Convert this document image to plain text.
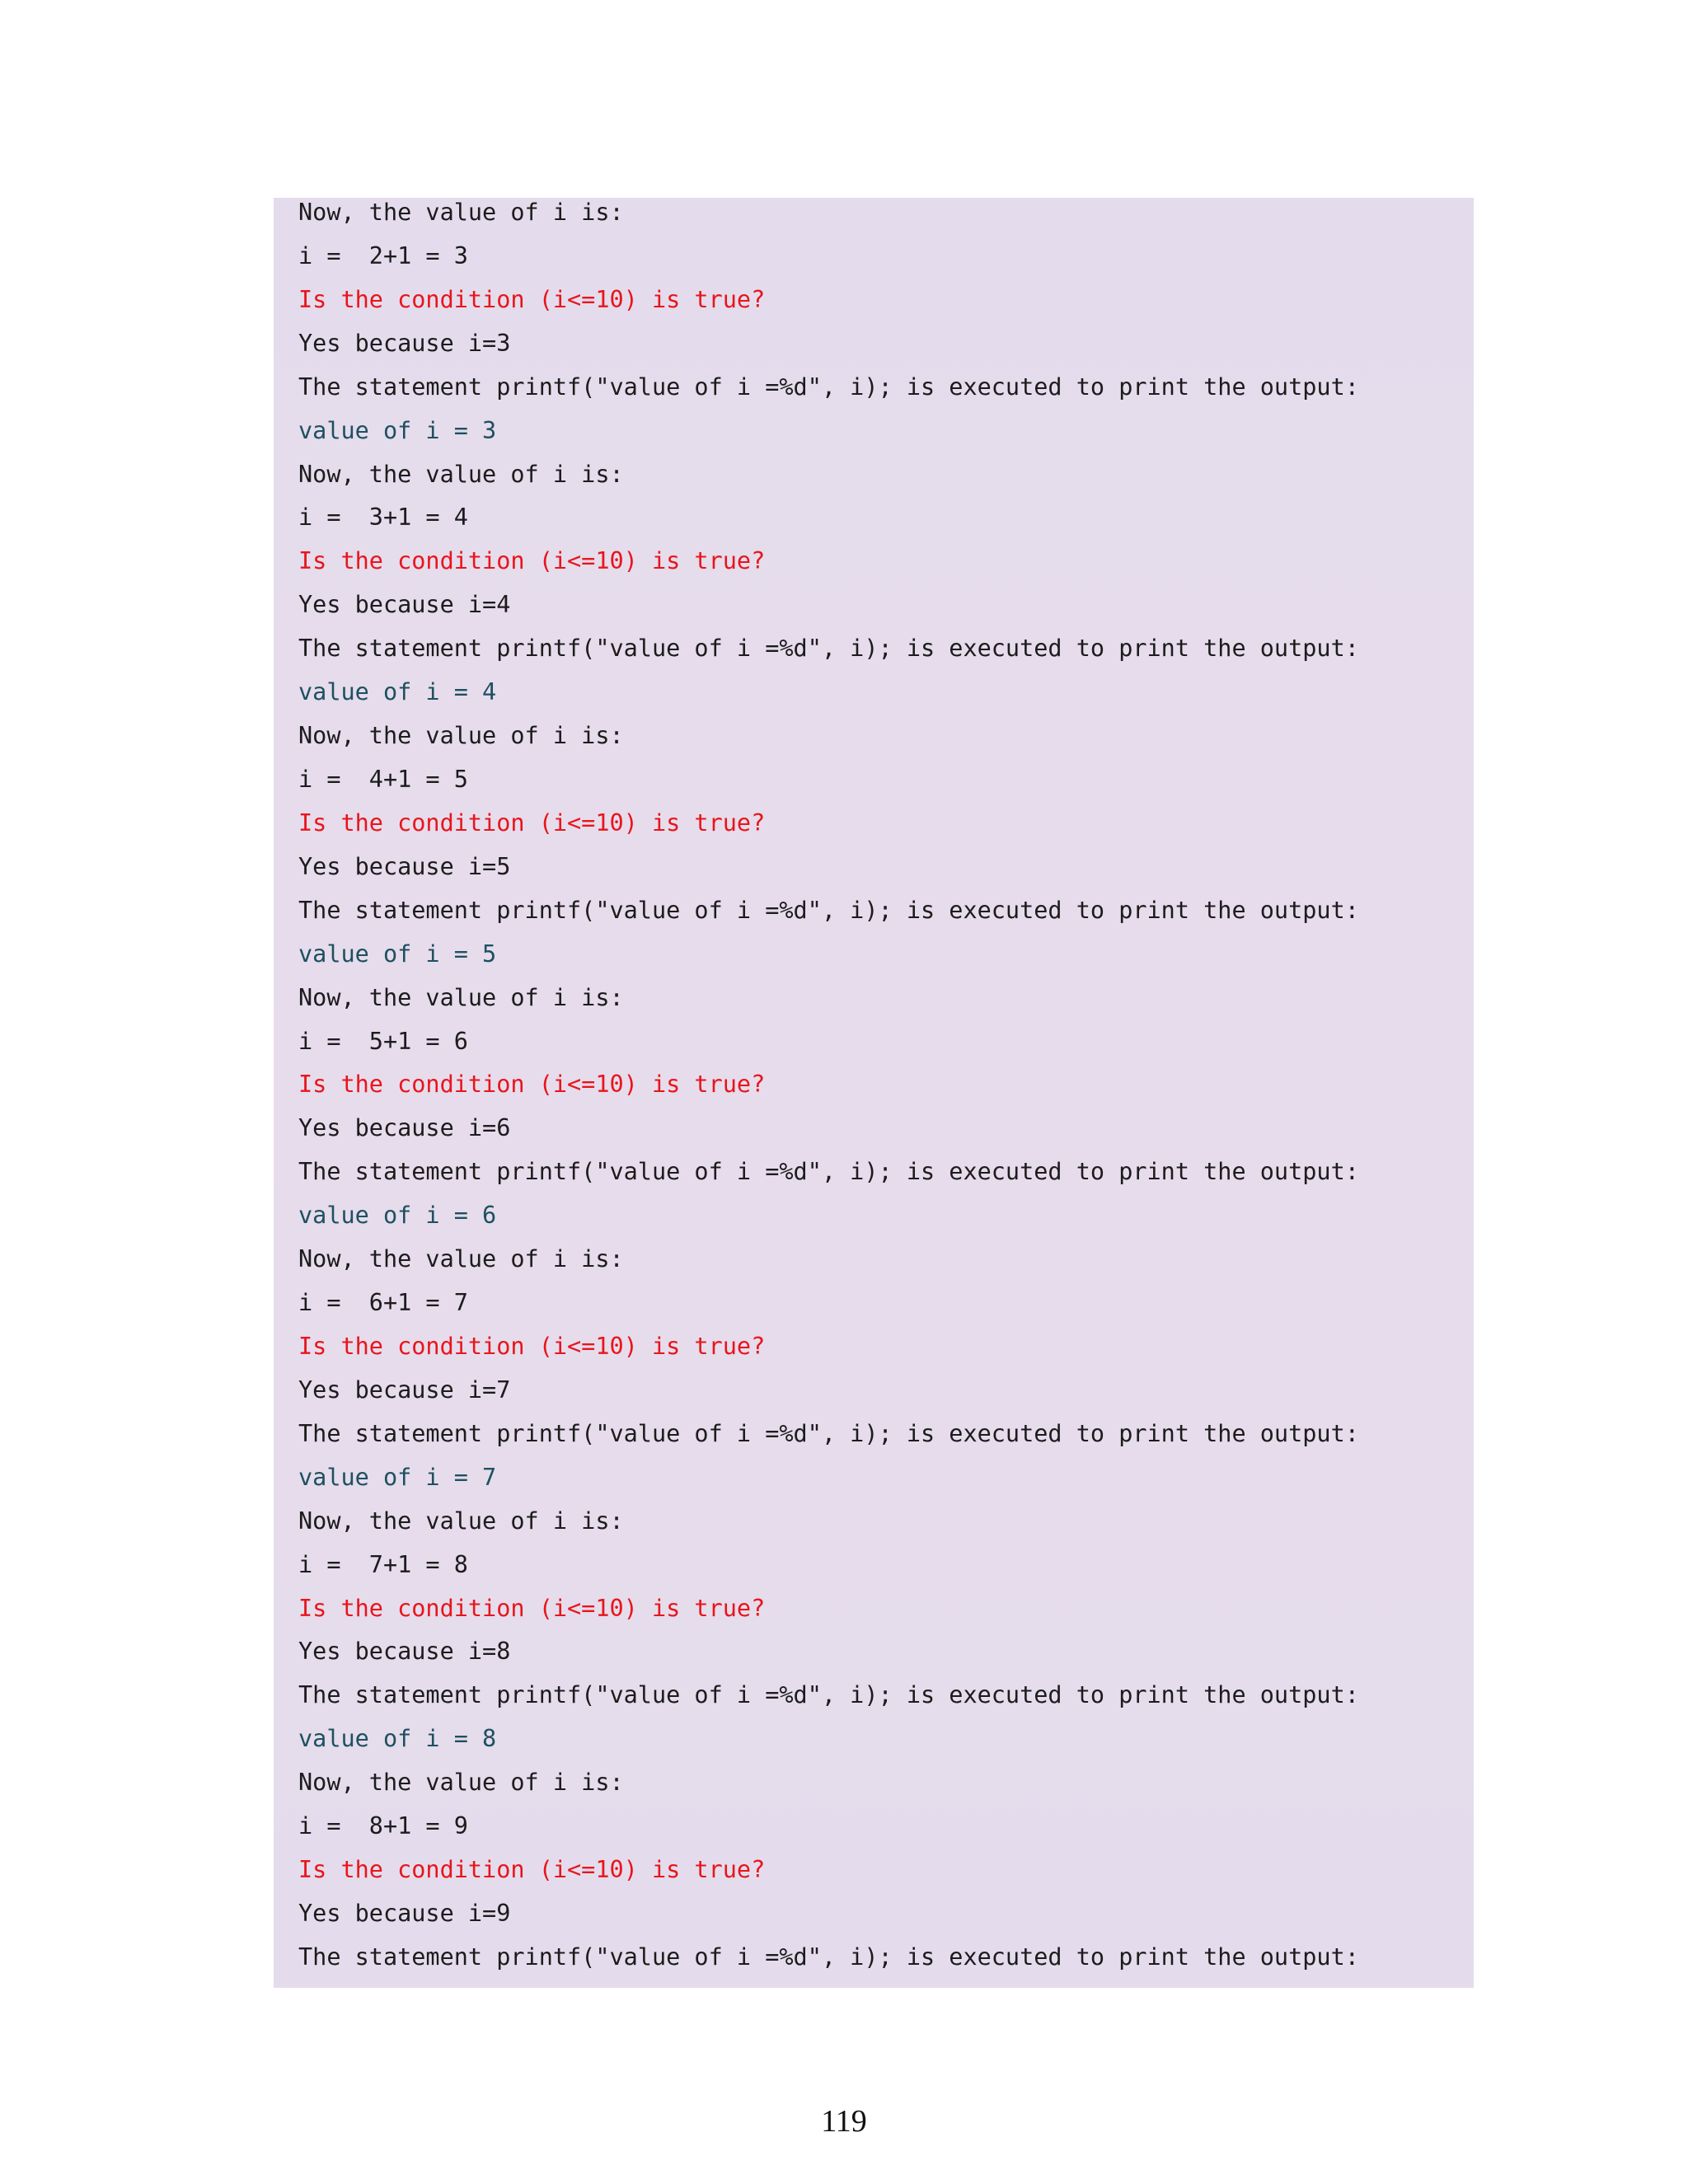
Now, the value of i is:
i =  2+1 = 3
Is the condition (i<=10) is true?
Yes because i=3
The statement printf("value of i =%d", i); is executed to print the output:
value of i = 3
Now, the value of i is:
i =  3+1 = 4
Is the condition (i<=10) is true?
Yes because i=4
The statement printf("value of i =%d", i); is executed to print the output:
value of i = 4
Now, the value of i is:
i =  4+1 = 5
Is the condition (i<=10) is true?
Yes because i=5
The statement printf("value of i =%d", i); is executed to print the output:
value of i = 5
Now, the value of i is:
i =  5+1 = 6
Is the condition (i<=10) is true?
Yes because i=6
The statement printf("value of i =%d", i); is executed to print the output:
value of i = 6
Now, the value of i is:
i =  6+1 = 7
Is the condition (i<=10) is true?
Yes because i=7
The statement printf("value of i =%d", i); is executed to print the output:
value of i = 7
Now, the value of i is:
i =  7+1 = 8
Is the condition (i<=10) is true?
Yes because i=8
The statement printf("value of i =%d", i); is executed to print the output:
value of i = 8
Now, the value of i is:
i =  8+1 = 9
Is the condition (i<=10) is true?
Yes because i=9
The statement printf("value of i =%d", i); is executed to print the output:
119
